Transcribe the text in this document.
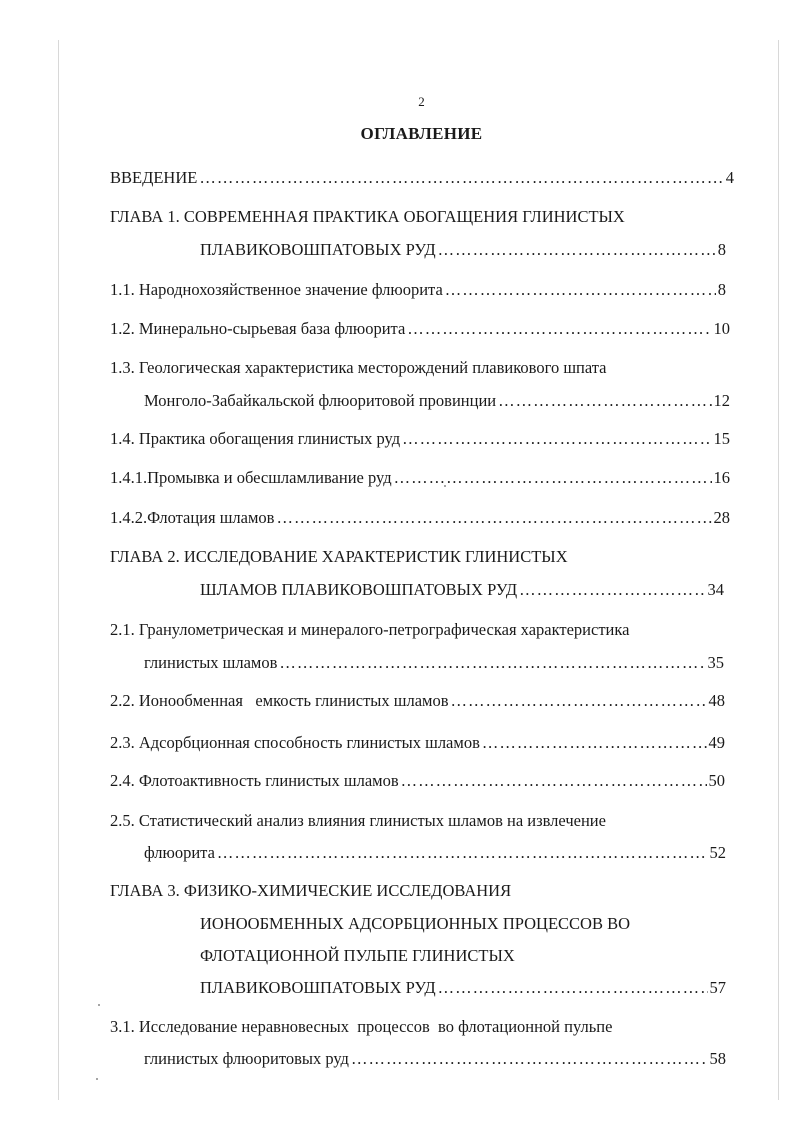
2
ОГЛАВЛЕНИЕ
ВВЕДЕНИЕ ………………………………………………………………………………………………………………………………………………………………	4
ГЛАВА 1. СОВРЕМЕННАЯ ПРАКТИКА ОБОГАЩЕНИЯ ГЛИНИСТЫХ
ПЛАВИКОВОШПАТОВЫХ РУД ………………………………………………………………………………………………………………………………………………………………	8
1.1. Народнохозяйственное значение флюорита ………………………………………………………………………………………………………………………………………………………………	8
1.2. Минерально-сырьевая база флюорита ………………………………………………………………………………………………………………………………………………………………	10
1.3. Геологическая характеристика месторождений плавикового шпата
Монголо-Забайкальской флюоритовой провинции ………………………………………………………………………………………………………………………………………………………………	12
1.4. Практика обогащения глинистых руд ………………………………………………………………………………………………………………………………………………………………	15
1.4.1.Промывка и обесшламливание руд ………………………………………………………………………………………………………………………………………………………………	16
1.4.2.Флотация шламов ………………………………………………………………………………………………………………………………………………………………	28
ГЛАВА 2. ИССЛЕДОВАНИЕ ХАРАКТЕРИСТИК ГЛИНИСТЫХ
ШЛАМОВ ПЛАВИКОВОШПАТОВЫХ РУД ………………………………………………………………………………………………………………………………………………………………	34
2.1. Гранулометрическая и минералого-петрографическая характеристика
глинистых шламов ………………………………………………………………………………………………………………………………………………………………	35
2.2. Ионообменная   емкость глинистых шламов ………………………………………………………………………………………………………………………………………………………………	48
2.3. Адсорбционная способность глинистых шламов ………………………………………………………………………………………………………………………………………………………………	49
2.4. Флотоактивность глинистых шламов ………………………………………………………………………………………………………………………………………………………………	50
2.5. Статистический анализ влияния глинистых шламов на извлечение
флюорита ………………………………………………………………………………………………………………………………………………………………	52
ГЛАВА 3. ФИЗИКО-ХИМИЧЕСКИЕ ИССЛЕДОВАНИЯ
ИОНООБМЕННЫХ АДСОРБЦИОННЫХ ПРОЦЕССОВ ВО
ФЛОТАЦИОННОЙ ПУЛЬПЕ ГЛИНИСТЫХ
ПЛАВИКОВОШПАТОВЫХ РУД ………………………………………………………………………………………………………………………………………………………………	57
3.1. Исследование неравновесных  процессов  во флотационной пульпе
глинистых флюоритовых руд ………………………………………………………………………………………………………………………………………………………………	58
